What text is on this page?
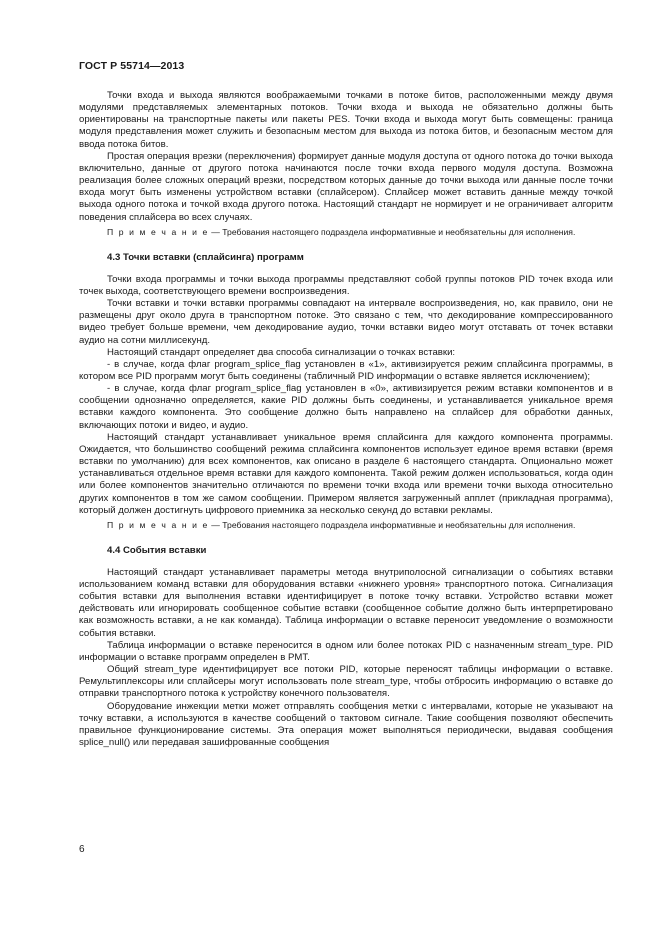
ГОСТ Р 55714—2013

Точки входа и выхода являются воображаемыми точками в потоке битов, расположенными между двумя модулями представляемых элементарных потоков. Точки входа и выхода не обязательно должны быть ориентированы на транспортные пакеты или пакеты PES. Точки входа и выхода могут быть совмещены: граница модуля представления может служить и безопасным местом для выхода из потока битов, и безопасным местом для ввода потока битов.

Простая операция врезки (переключения) формирует данные модуля доступа от одного потока до точки выхода включительно, данные от другого потока начинаются после точки входа первого модуля доступа. Возможна реализация более сложных операций врезки, посредством которых данные до точки выхода или данные после точки входа могут быть изменены устройством вставки (сплайсером). Сплайсер может вставить данные между точкой выхода одного потока и точкой входа другого потока. Настоящий стандарт не нормирует и не ограничивает алгоритм поведения сплайсера во всех случаях.

П р и м е ч а н и е — Требования настоящего подраздела информативные и необязательны для исполнения.

4.3 Точки вставки (сплайсинга) программ

Точки входа программы и точки выхода программы представляют собой группы потоков PID точек входа или точек выхода, соответствующего времени воспроизведения.

Точки вставки и точки вставки программы совпадают на интервале воспроизведения, но, как правило, они не размещены друг около друга в транспортном потоке. Это связано с тем, что декодирование компрессированного видео требует больше времени, чем декодирование аудио, точки вставки видео могут отставать от точек вставки аудио на сотни миллисекунд.

Настоящий стандарт определяет два способа сигнализации о точках вставки:

- в случае, когда флаг program_splice_flag установлен в «1», активизируется режим сплайсинга программы, в котором все PID программ могут быть соединены (табличный PID информации о вставке является исключением);

- в случае, когда флаг program_splice_flag установлен в «0», активизируется режим вставки компонентов и в сообщении однозначно определяется, какие PID должны быть соединены, и устанавливается уникальное время вставки каждого компонента. Это сообщение должно быть направлено на сплайсер для обработки данных, включающих потоки и видео, и аудио.

Настоящий стандарт устанавливает уникальное время сплайсинга для каждого компонента программы. Ожидается, что большинство сообщений режима сплайсинга компонентов использует единое время вставки (время вставки по умолчанию) для всех компонентов, как описано в разделе 6 настоящего стандарта. Опционально может устанавливаться отдельное время вставки для каждого компонента. Такой режим должен использоваться, когда один или более компонентов значительно отличаются по времени точки входа или времени точки выхода относительно других компонентов в том же самом сообщении. Примером является загруженный апплет (прикладная программа), который должен достигнуть цифрового приемника за несколько секунд до вставки рекламы.

П р и м е ч а н и е — Требования настоящего подраздела информативные и необязательны для исполнения.

4.4 События вставки

Настоящий стандарт устанавливает параметры метода внутриполосной сигнализации о событиях вставки использованием команд вставки для оборудования вставки «нижнего уровня» транспортного потока. Сигнализация события вставки для выполнения вставки идентифицирует в потоке точку вставки. Устройство вставки может действовать или игнорировать сообщенное событие вставки (сообщенное событие должно быть интерпретировано как возможность вставки, а не как команда). Таблица информации о вставке переносит уведомление о возможности события вставки.

Таблица информации о вставке переносится в одном или более потоках PID с назначенным stream_type. PID информации о вставке программ определен в PMT.

Общий stream_type идентифицирует все потоки PID, которые переносят таблицы информации о вставке. Ремультиплексоры или сплайсеры могут использовать поле stream_type, чтобы отбросить информацию о вставке до отправки транспортного потока к устройству конечного пользователя.

Оборудование инжекции метки может отправлять сообщения метки с интервалами, которые не указывают на точку вставки, а используются в качестве сообщений о тактовом сигнале. Такие сообщения позволяют обеспечить правильное функционирование системы. Эта операция может выполняться периодически, выдавая сообщения splice_null() или передавая зашифрованные сообщения

6
